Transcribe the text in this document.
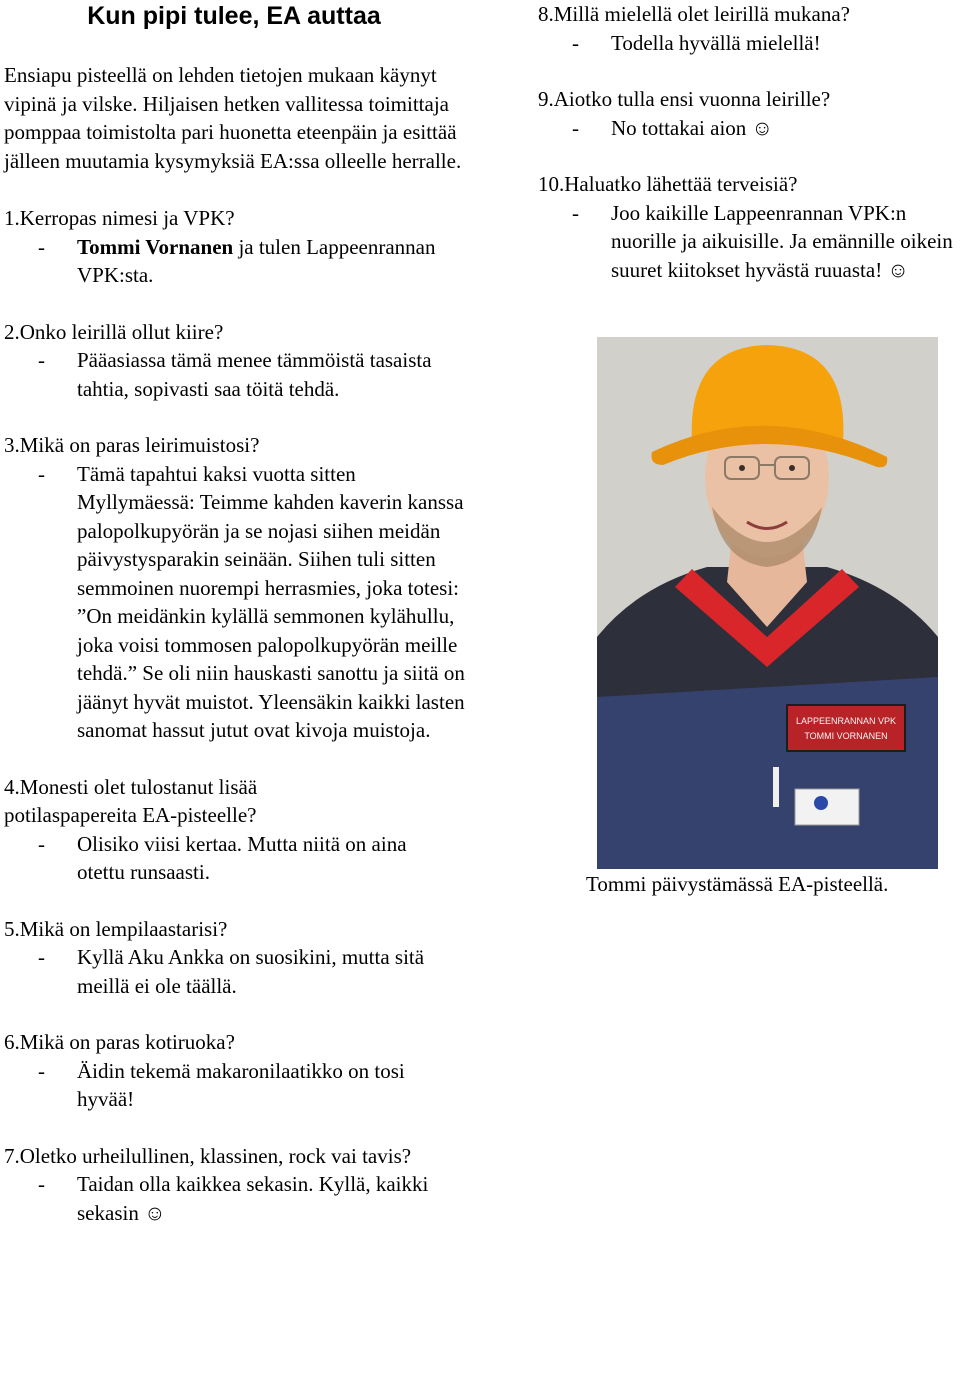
Kun pipi tulee, EA auttaa

Ensiapu pisteellä on lehden tietojen mukaan käynyt vipinä ja vilske. Hiljaisen hetken vallitessa toimittaja pomppaa toimistolta pari huonetta eteenpäin ja esittää jälleen muutamia kysymyksiä EA:ssa olleelle herralle.

1.Kerropas nimesi ja VPK?

- Tommi Vornanen ja tulen Lappeenrannan VPK:sta.

2.Onko leirillä ollut kiire?

- Pääasiassa tämä menee tämmöistä tasaista tahtia, sopivasti saa töitä tehdä.

3.Mikä on paras leirimuistosi?

- Tämä tapahtui kaksi vuotta sitten Myllymäessä: Teimme kahden kaverin kanssa palopolkupyörän ja se nojasi siihen meidän päivystysparakin seinään. Siihen tuli sitten semmoinen nuorempi herrasmies, joka totesi: ”On meidänkin kylällä semmonen kylähullu, joka voisi tommosen palopolkupyörän meille tehdä.” Se oli niin hauskasti sanottu ja siitä on jäänyt hyvät muistot. Yleensäkin kaikki lasten sanomat hassut jutut ovat kivoja muistoja.

4.Monesti olet tulostanut lisää potilaspapereita EA-pisteelle?

- Olisiko viisi kertaa. Mutta niitä on aina otettu runsaasti.

5.Mikä on lempilaastarisi?

- Kyllä Aku Ankka on suosikini, mutta sitä meillä ei ole täällä.

6.Mikä on paras kotiruoka?

- Äidin tekemä makaronilaatikko on tosi hyvää!

7.Oletko urheilullinen, klassinen, rock vai tavis?

- Taidan olla kaikkea sekasin. Kyllä, kaikki sekasin ☺

8.Millä mielellä olet leirillä mukana?

- Todella hyvällä mielellä!

9.Aiotko tulla ensi vuonna leirille?

- No tottakai aion ☺

10.Haluatko lähettää terveisiä?

- Joo kaikille Lappeenrannan VPK:n nuorille ja aikuisille. Ja emännille oikein suuret kiitokset hyvästä ruuasta! ☺

LAPPEENRANNAN VPK
TOMMI VORNANEN

Tommi päivystämässä EA-pisteellä.
